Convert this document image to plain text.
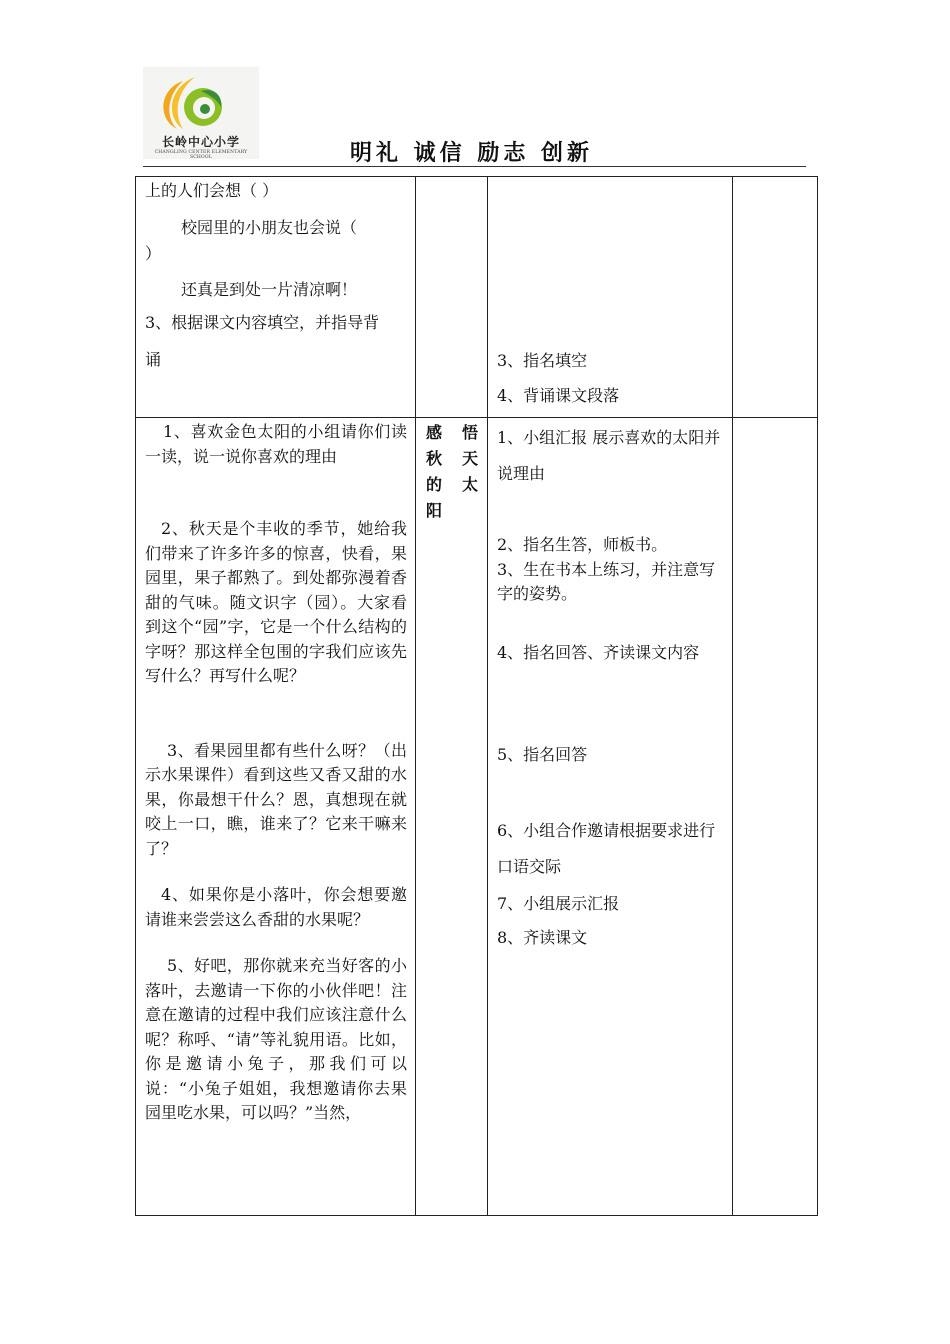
长岭中心小学
CHANGLING CENTER ELEMENTARY SCHOOL	明礼 诚信 励志 创新

上的人们会想（ ）

校园里的小朋友也会说（

）

还真是到处一片清凉啊！

3、根据课文内容填空，并指导背

诵	3、指名填空

4、背诵课文段落

感
秋
的
阳
悟
天
太

1、喜欢金色太阳的小组请你们读一读，说一说你喜欢的理由

2、秋天是个丰收的季节，她给我们带来了许多许多的惊喜，快看，果园里，果子都熟了。到处都弥漫着香甜的气味。随文识字（园）。大家看到这个“园”字，它是一个什么结构的字呀？那这样全包围的字我们应该先写什么？再写什么呢？

3、看果园里都有些什么呀？（出示水果课件）看到这些又香又甜的水果，你最想干什么？恩，真想现在就咬上一口，瞧，谁来了？它来干嘛来了？

4、如果你是小落叶，你会想要邀请谁来尝尝这么香甜的水果呢？

5、好吧，那你就来充当好客的小落叶，去邀请一下你的小伙伴吧！注意在邀请的过程中我们应该注意什么呢？称呼、“请”等礼貌用语。比如，你是邀请小兔子，那我们可以说：“小兔子姐姐，我想邀请你去果园里吃水果，可以吗？”当然，

1、小组汇报 展示喜欢的太阳并说理由

2、指名生答，师板书。

3、生在书本上练习，并注意写字的姿势。

4、指名回答、齐读课文内容

5、指名回答

6、小组合作邀请根据要求进行口语交际

7、小组展示汇报

8、齐读课文
